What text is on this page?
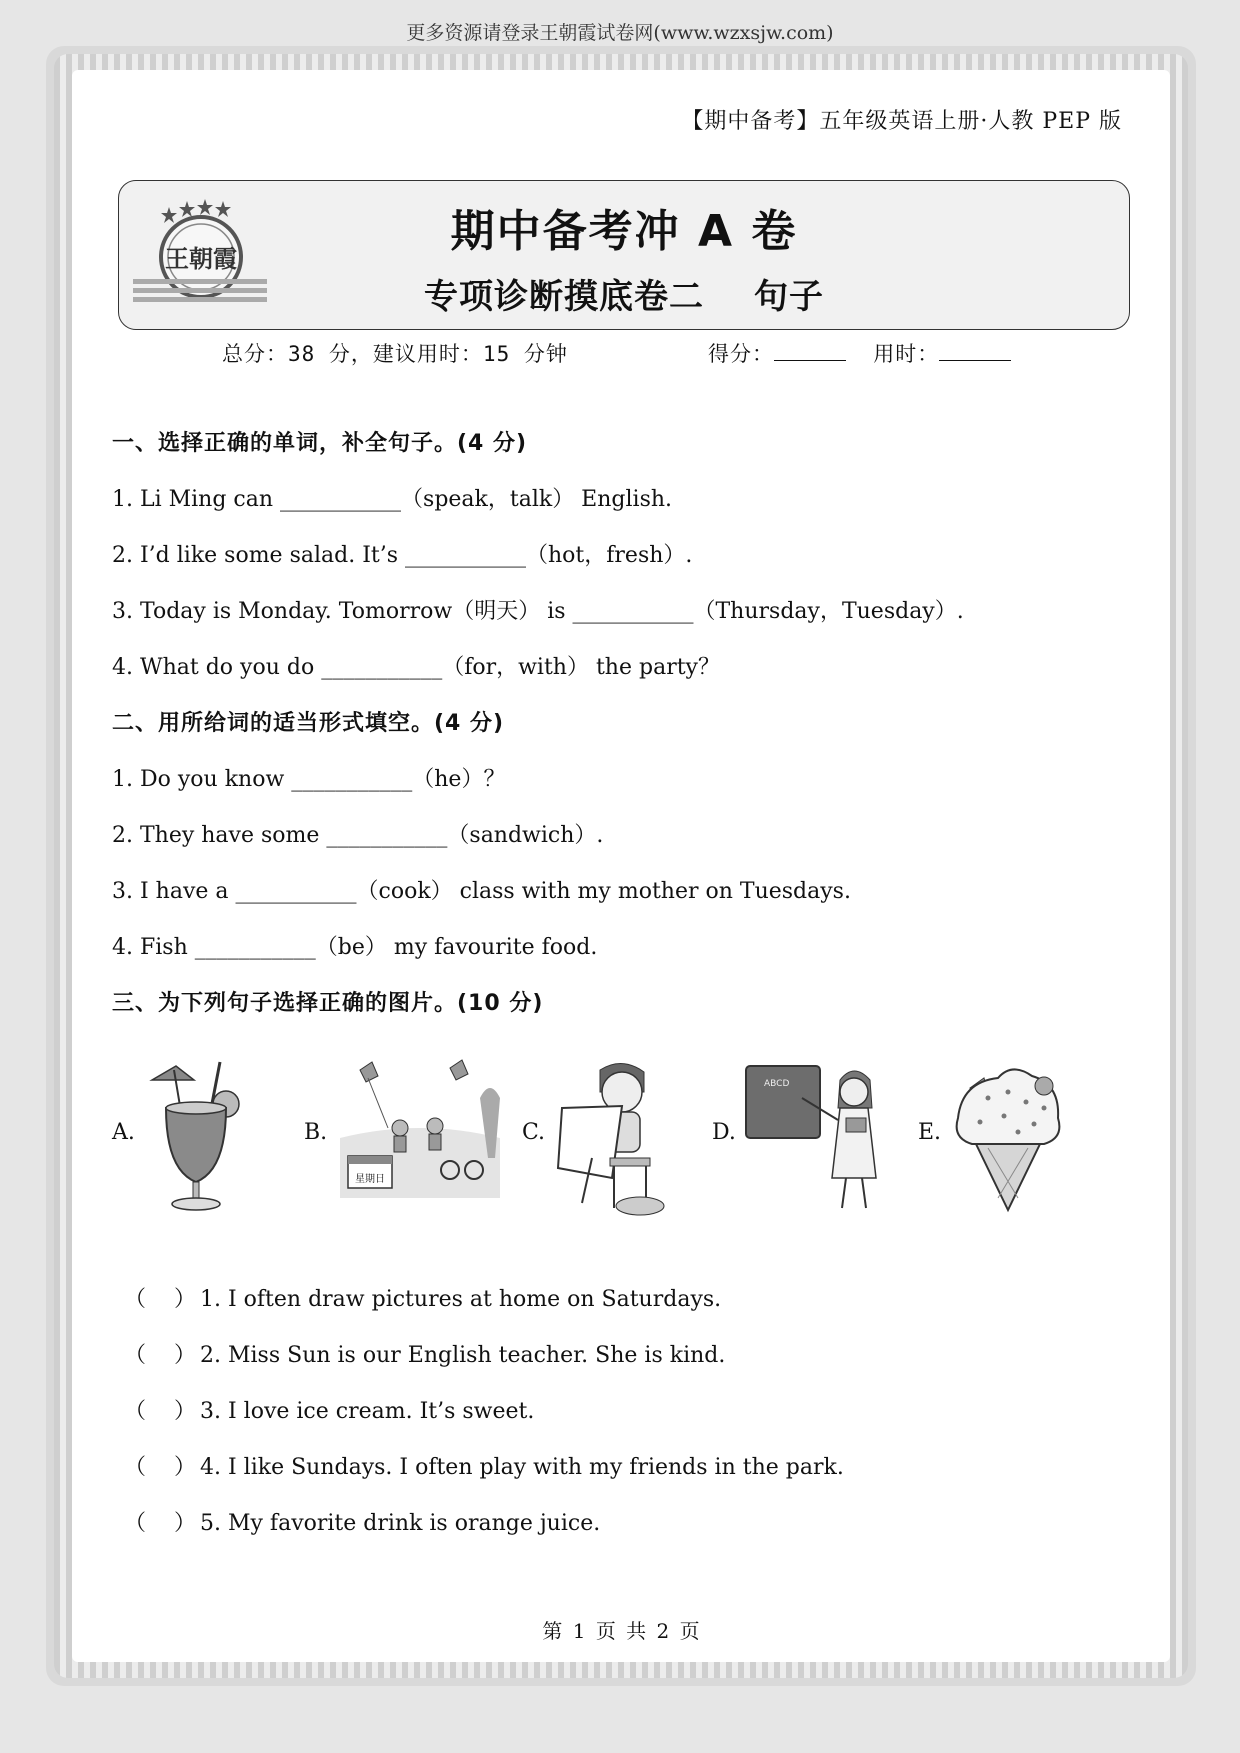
更多资源请登录王朝霞试卷网(www.wzxsjw.com)
【期中备考】五年级英语上册·人教 PEP 版
王朝霞
期中备考冲 A 卷
专项诊断摸底卷二 句子
总分：38 分，建议用时：15 分钟	得分：	用时：
一、选择正确的单词，补全句子。(4 分)
1. Li Ming can ___________（speak，talk） English.
2. I’d like some salad. It’s ___________（hot，fresh）.
3. Today is Monday. Tomorrow（明天） is ___________（Thursday，Tuesday）.
4. What do you do ___________（for，with） the party？
二、用所给词的适当形式填空。(4 分)
1. Do you know ___________（he）？
2. They have some ___________（sandwich）.
3. I have a ___________（cook） class with my mother on Tuesdays.
4. Fish ___________（be） my favourite food.
三、为下列句子选择正确的图片。(10 分)
A.	B.
星期日
C.	D.
ABCD
E.
（ ） 1. I often draw pictures at home on Saturdays.
（ ） 2. Miss Sun is our English teacher. She is kind.
（ ） 3. I love ice cream. It’s sweet.
（ ） 4. I like Sundays. I often play with my friends in the park.
（ ） 5. My favorite drink is orange juice.
第 1 页 共 2 页
